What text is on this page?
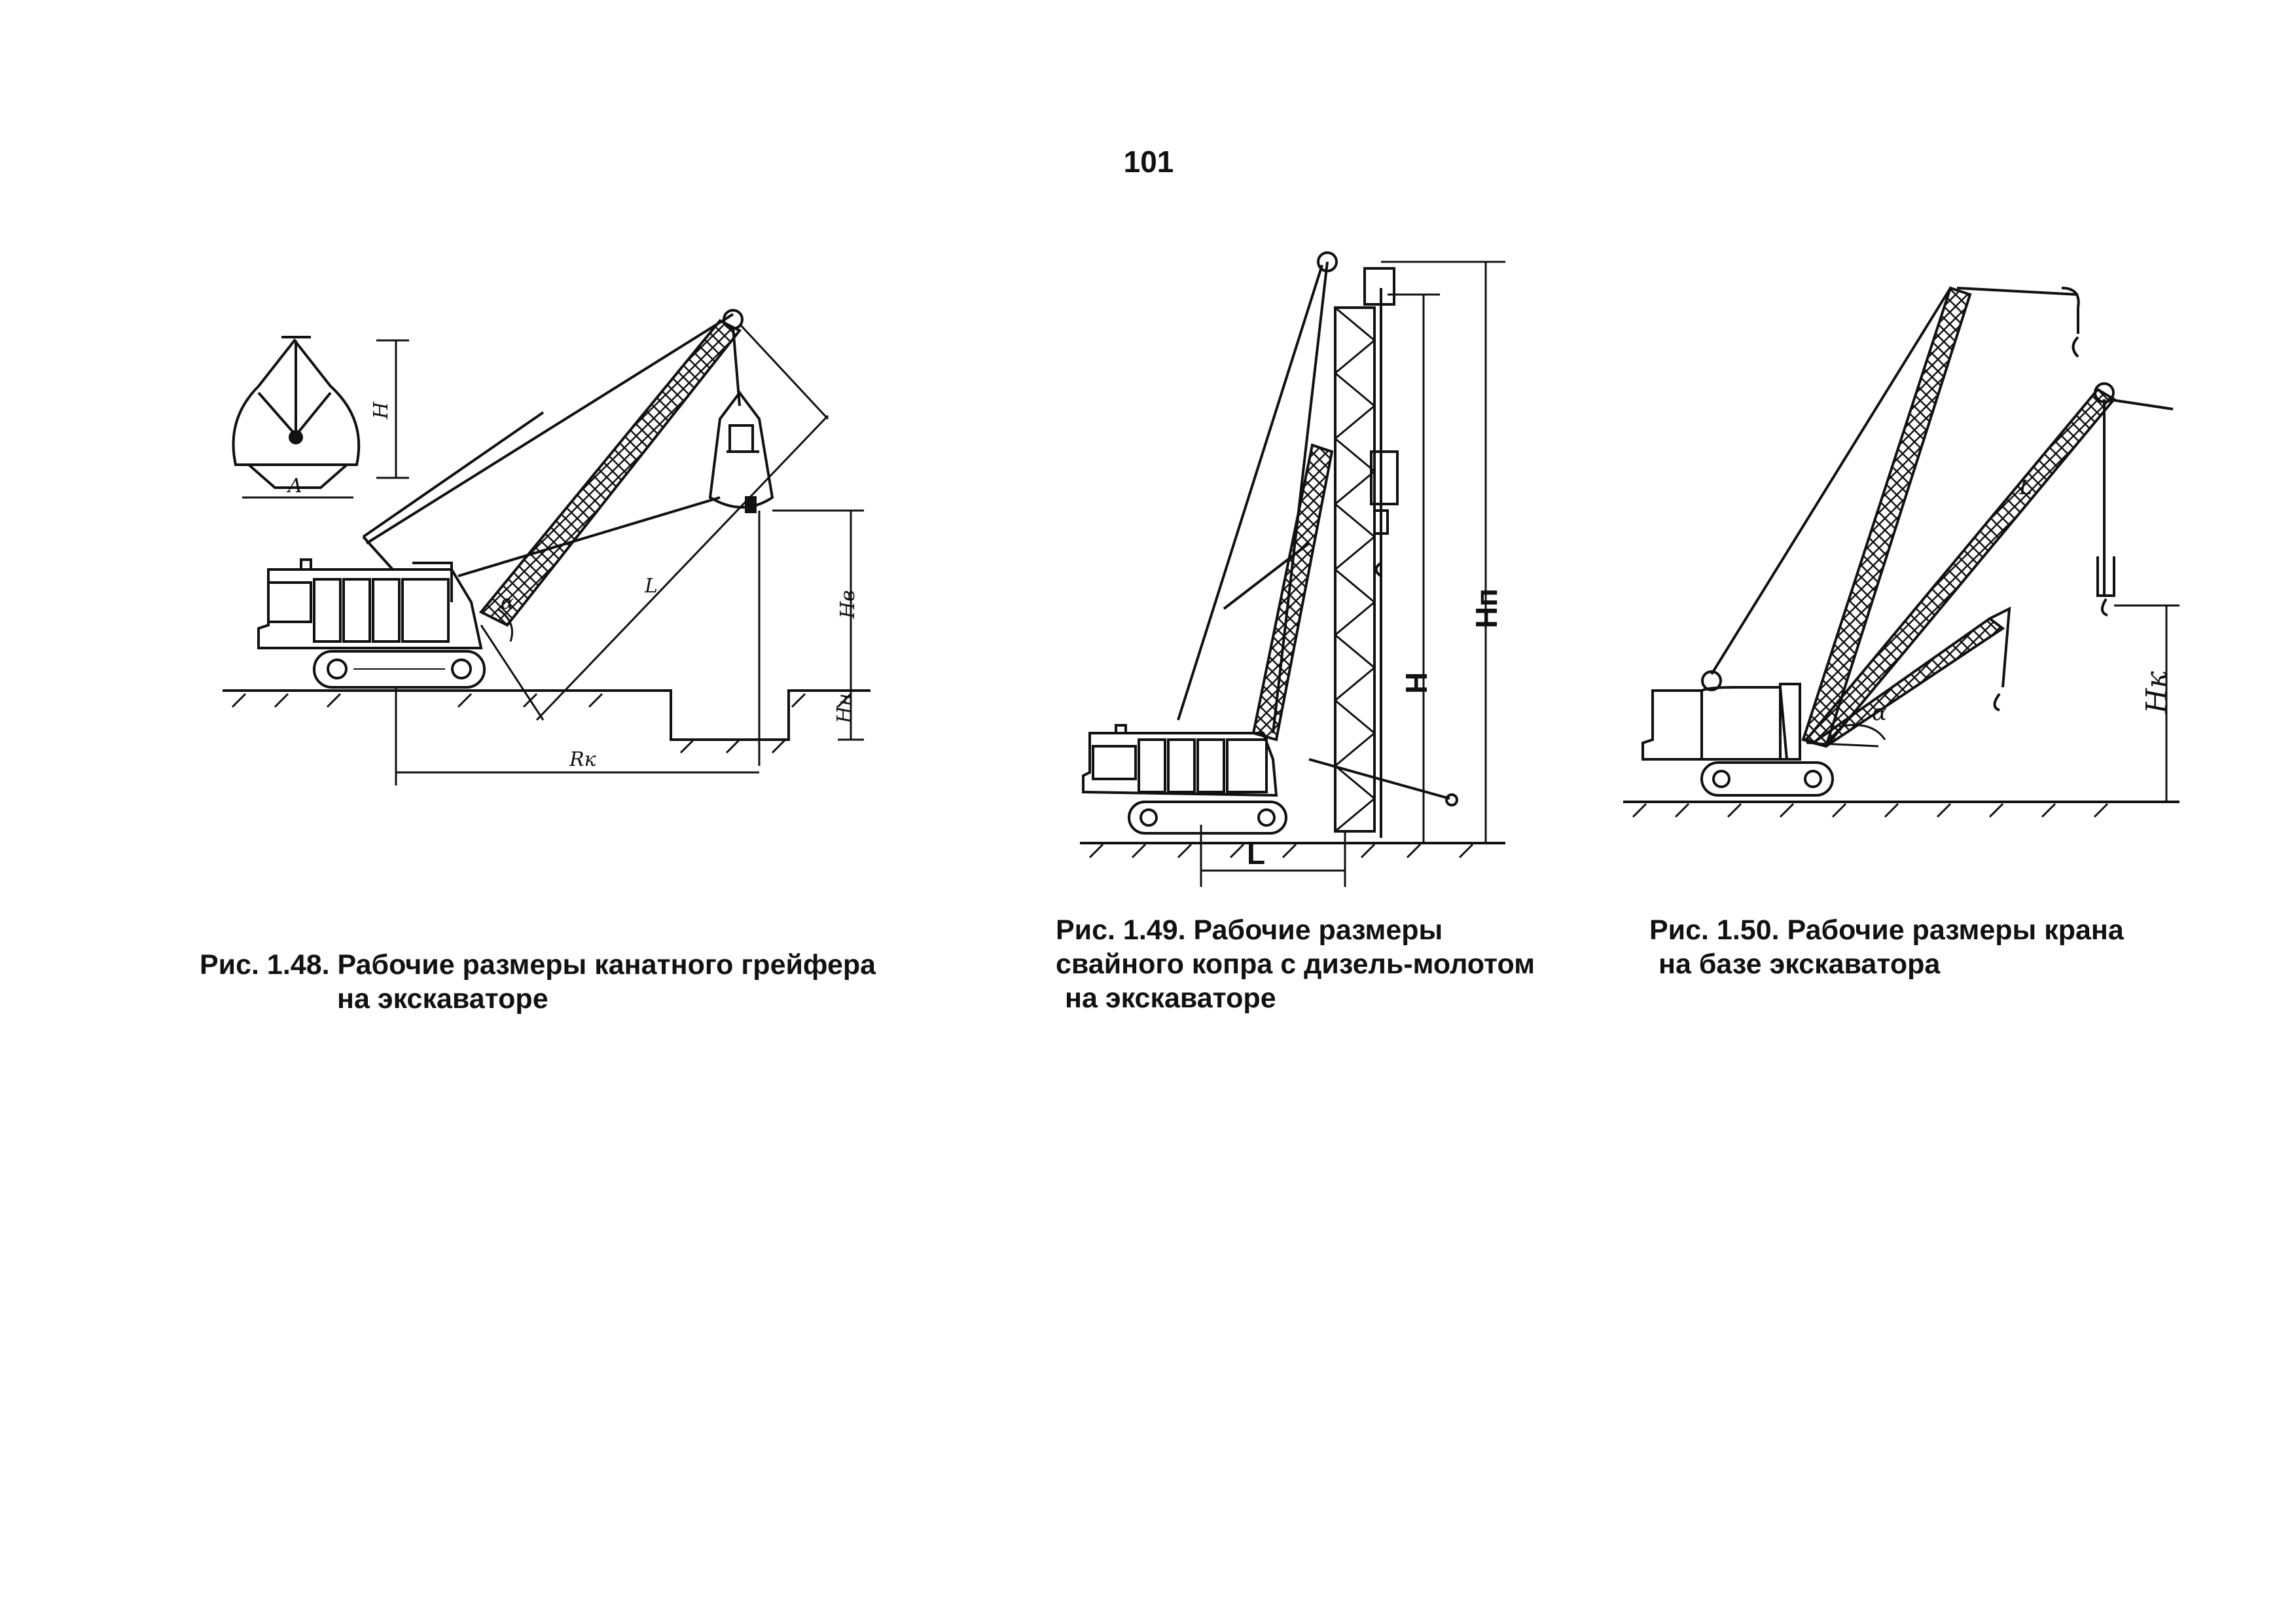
101
H
A
L
α	Hв
Hн
Rк
Hп
H
L
Hк
L
α
Рис. 1.48. Рабочие размеры канатного грейфера
на экскаваторе
Рис. 1.49. Рабочие размеры
свайного копра с дизель-молотом
на экскаваторе
Рис. 1.50. Рабочие размеры крана
на базе экскаватора
